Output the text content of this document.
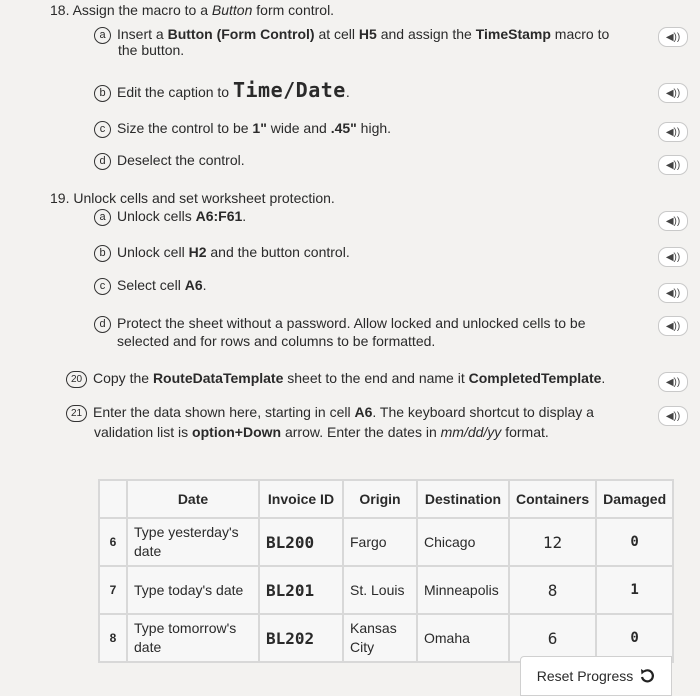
18. Assign the macro to a Button form control.
a Insert a Button (Form Control) at cell H5 and assign the TimeStamp macro to
the button.
◀))
b Edit the caption to Time/Date.	◀))
c Size the control to be 1" wide and .45" high.	◀))
d Deselect the control.	◀))
19. Unlock cells and set worksheet protection.
a Unlock cells A6:F61.	◀))
b Unlock cell H2 and the button control.	◀))
c Select cell A6.	◀))
d Protect the sheet without a password. Allow locked and unlocked cells to be
selected and for rows and columns to be formatted.
◀))
20 Copy the RouteDataTemplate sheet to the end and name it CompletedTemplate.	◀))
21 Enter the data shown here, starting in cell A6. The keyboard shortcut to display a
validation list is option+Down arrow. Enter the dates in mm/dd/yy format.
◀))
	Date	Invoice ID	Origin	Destination	Containers	Damaged
6	Type yesterday's date	BL200	Fargo	Chicago	12	0
7	Type today's date	BL201	St. Louis	Minneapolis	8	1
8	Type tomorrow's date	BL202	Kansas City	Omaha	6	0
Reset Progress
